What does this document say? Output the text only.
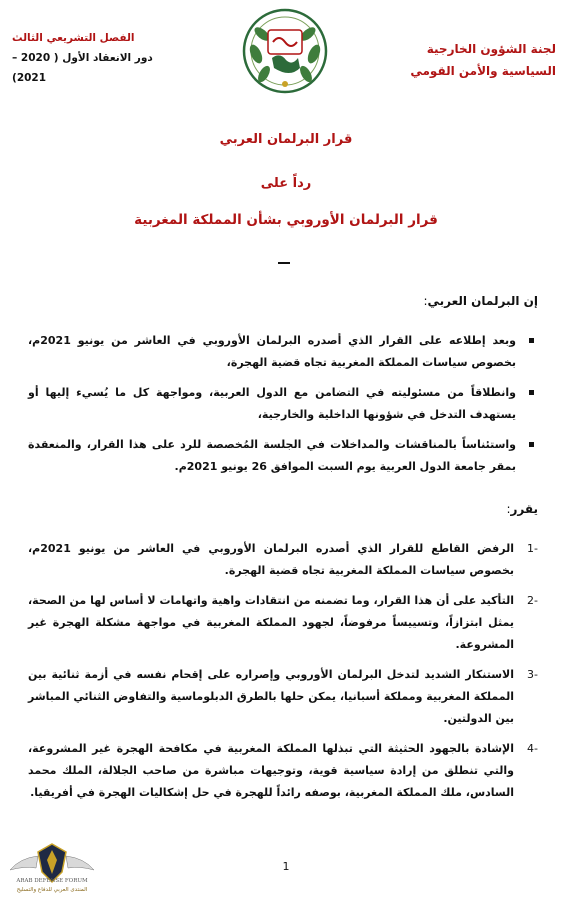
لجنة الشؤون الخارجية
السياسية والأمن القومي
الفصل التشريعي الثالث
دور الانعقاد الأول ( 2020 – 2021)
قرار البرلمان العربي
رداً على
قرار البرلمان الأوروبي بشأن المملكة المغربية
إن البرلمان العربي:
وبعد إطلاعه على القرار الذي أصدره البرلمان الأوروبي في العاشر من يونيو 2021م، بخصوص سياسات المملكة المغربية تجاه قضية الهجرة،
وانطلاقاً من مسئوليته في التضامن مع الدول العربية، ومواجهة كل ما يُسيء إليها أو يستهدف التدخل في شؤونها الداخلية والخارجية،
واستئناساً بالمناقشات والمداخلات في الجلسة المُخصصة للرد على هذا القرار، والمنعقدة بمقر جامعة الدول العربية يوم السبت الموافق 26 يونيو 2021م.
يقرر:
-1
الرفض القاطع للقرار الذي أصدره البرلمان الأوروبي في العاشر من يونيو 2021م، بخصوص سياسات المملكة المغربية تجاه قضية الهجرة.
-2
التأكيد على أن هذا القرار، وما تضمنه من انتقادات واهية واتهامات لا أساس لها من الصحة، يمثل ابتزازاً، وتسييساً مرفوضاً، لجهود المملكة المغربية في مواجهة مشكلة الهجرة غير المشروعة.
-3
الاستنكار الشديد لتدخل البرلمان الأوروبي وإصراره على إقحام نفسه في أزمة ثنائية بين المملكة المغربية ومملكة أسبانيا، يمكن حلها بالطرق الدبلوماسية والتفاوض الثنائي المباشر بين الدولتين.
-4
الإشادة بالجهود الحثيثة التي تبذلها المملكة المغربية في مكافحة الهجرة غير المشروعة، والتي تنطلق من إرادة سياسية قوية، وتوجيهات مباشرة من صاحب الجلالة، الملك محمد السادس، ملك المملكة المغربية، بوصفه رائداً للهجرة في حل إشكاليات الهجرة في أفريقيا.
1
ARAB DEFENSE FORUM
المنتدى العربي للدفاع والتسليح
